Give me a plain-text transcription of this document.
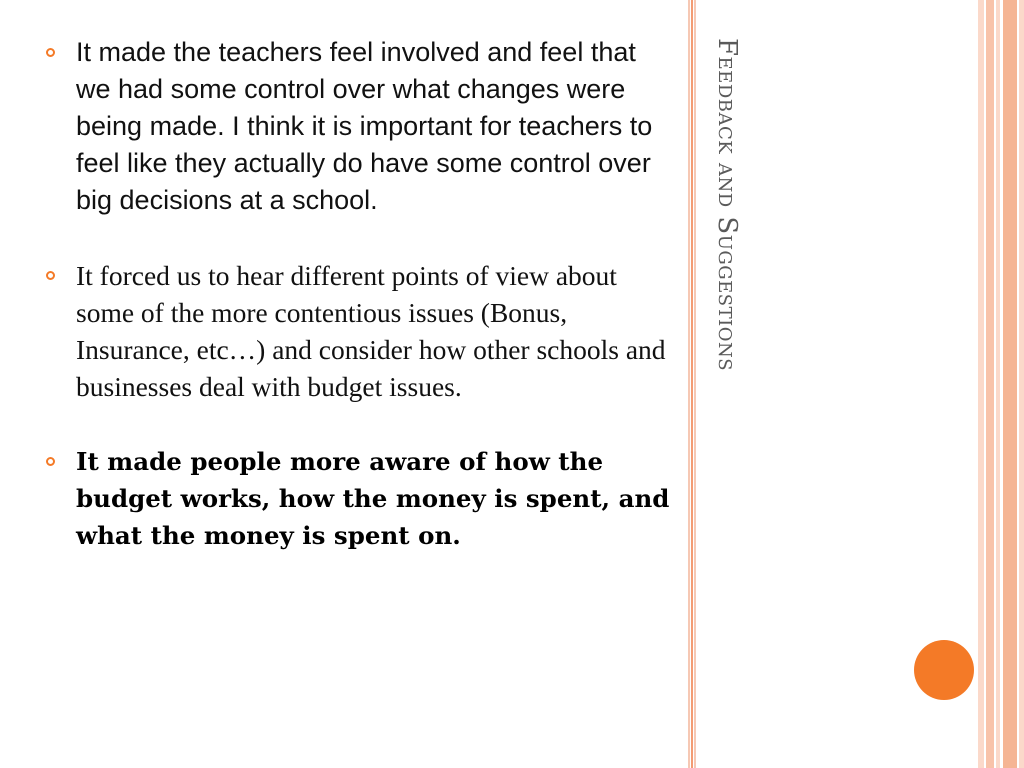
Feedback and Suggestions

It made the teachers feel involved and feel that we had some control over what changes were being made. I think it is important for teachers to feel like they actually do have some control over big decisions at a school.

It forced us to hear different points of view about some of the more contentious issues (Bonus, Insurance, etc…) and consider how other schools and businesses deal with budget issues.

It made people more aware of how the budget works, how the money is spent, and what the money is spent on.
